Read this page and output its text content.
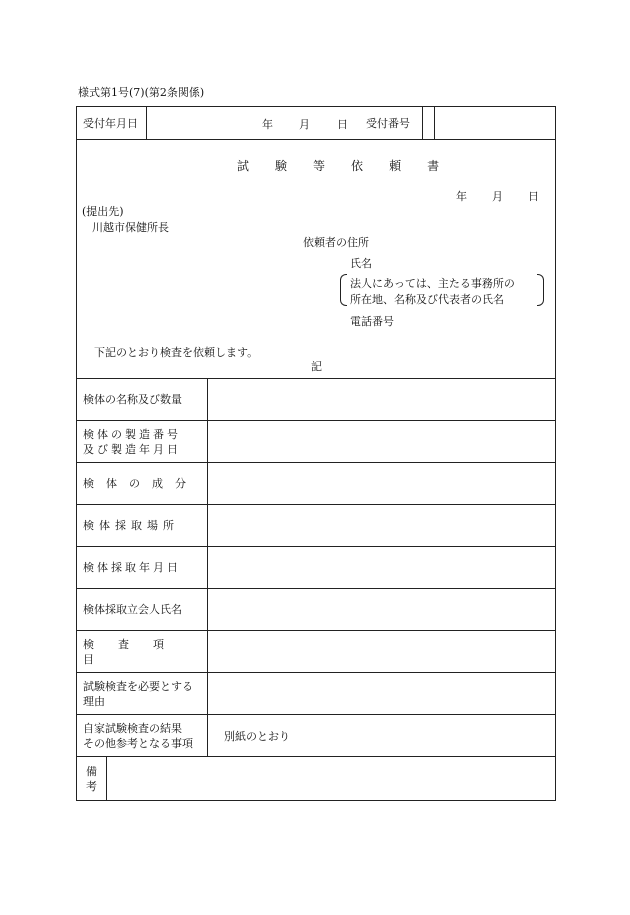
様式第1号(7)(第2条関係)
受付年月日	年 月 日	受付番号
試 験 等 依 頼 書
年 月 日
(提出先)
川越市保健所長
依頼者の住所
氏名
法人にあっては、主たる事務所の
所在地、名称及び代表者の氏名
電話番号
下記のとおり検査を依頼します。
記
検体の名称及び数量
検体の製造番号
及び製造年月日
検体の成分
検体採取場所
検体採取年月日
検体採取立会人氏名
検査項目
試験検査を必要とする
理由
自家試験検査の結果
その他参考となる事項
別紙のとおり
備
考
